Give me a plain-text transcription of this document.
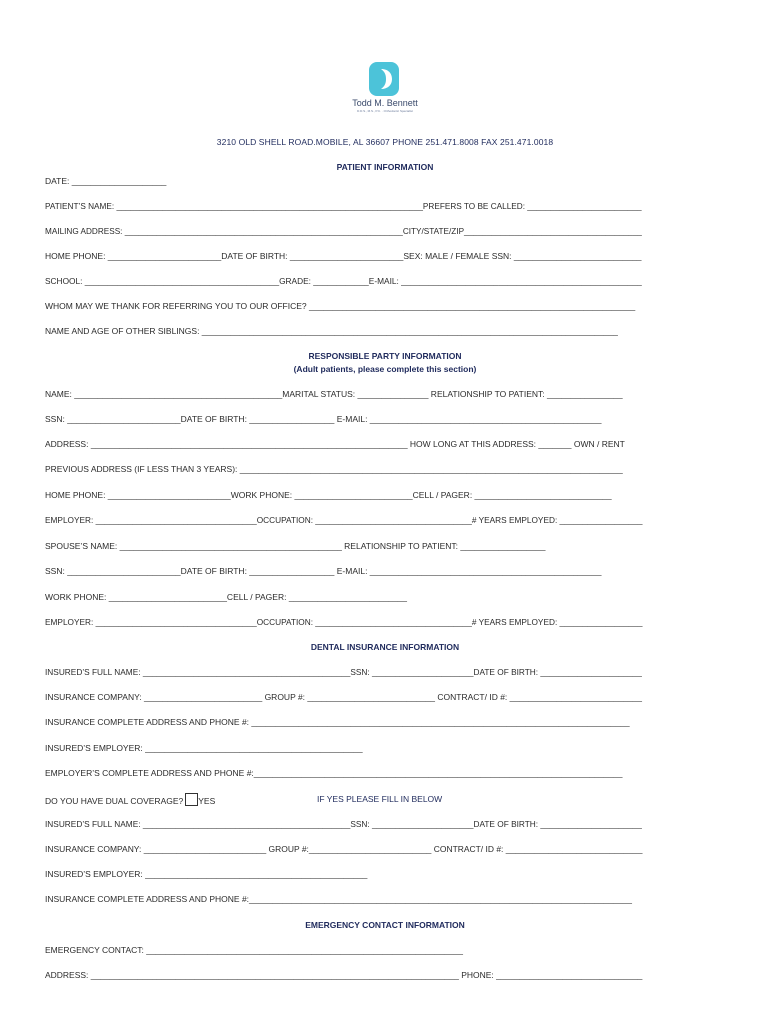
Todd M. Bennett
D.D.S., M.S., P.C. · Orthodontic Specialist
3210 OLD SHELL ROAD.MOBILE, AL 36607 PHONE 251.471.8008 FAX 251.471.0018
PATIENT INFORMATION
DATE: ____________________
PATIENT’S NAME: ___________________________________________________________________PREFERS TO BE CALLED: _________________________
MAILING ADDRESS: _____________________________________________________________CITY/STATE/ZIP_______________________________________
HOME PHONE: ________________________DATE OF BIRTH: ________________________SEX: MALE / FEMALE SSN: ___________________________
SCHOOL: __________________________________________GRADE: ____________E-MAIL: ____________________________________________________
WHOM MAY WE THANK FOR REFERRING YOU TO OUR OFFICE? _____________________________________________________________________
NAME AND AGE OF OTHER SIBLINGS: ________________________________________________________________________________________
RESPONSIBLE PARTY INFORMATION
(Adult patients, please complete this section)
NAME: ____________________________________________MARITAL STATUS: _______________ RELATIONSHIP TO PATIENT: ________________
SSN: ________________________DATE OF BIRTH: __________________ E-MAIL: _________________________________________________
ADDRESS: ___________________________________________________________________ HOW LONG AT THIS ADDRESS: _______ OWN / RENT
PREVIOUS ADDRESS (IF LESS THAN 3 YEARS): _________________________________________________________________________________
HOME PHONE: __________________________WORK PHONE: _________________________CELL / PAGER: _____________________________
EMPLOYER: ___________________________________OCCUPATION: __________________________________# YEARS EMPLOYED: __________________
SPOUSE’S NAME: _______________________________________________ RELATIONSHIP TO PATIENT: __________________
SSN: ________________________DATE OF BIRTH: __________________ E-MAIL: _________________________________________________
WORK PHONE: _________________________CELL / PAGER: _________________________
EMPLOYER: ___________________________________OCCUPATION: __________________________________# YEARS EMPLOYED: __________________
DENTAL INSURANCE INFORMATION
INSURED’S FULL NAME: _____________________________________________SSN: ______________________DATE OF BIRTH: ______________________
INSURANCE COMPANY: _________________________ GROUP #: ___________________________ CONTRACT/ ID #: ____________________________
INSURANCE COMPLETE ADDRESS AND PHONE #: ________________________________________________________________________________
INSURED’S EMPLOYER: ______________________________________________
EMPLOYER’S COMPLETE ADDRESS AND PHONE #:______________________________________________________________________________
DO YOU HAVE DUAL COVERAGE? YES	IF YES PLEASE FILL IN BELOW
INSURED’S FULL NAME: _____________________________________________SSN: ______________________DATE OF BIRTH: ______________________
INSURANCE COMPANY: __________________________ GROUP #:__________________________ CONTRACT/ ID #: _____________________________
INSURED’S EMPLOYER: _______________________________________________
INSURANCE COMPLETE ADDRESS AND PHONE #:_________________________________________________________________________________
EMERGENCY CONTACT INFORMATION
EMERGENCY CONTACT: ___________________________________________________________________
ADDRESS: ______________________________________________________________________________ PHONE: _______________________________
